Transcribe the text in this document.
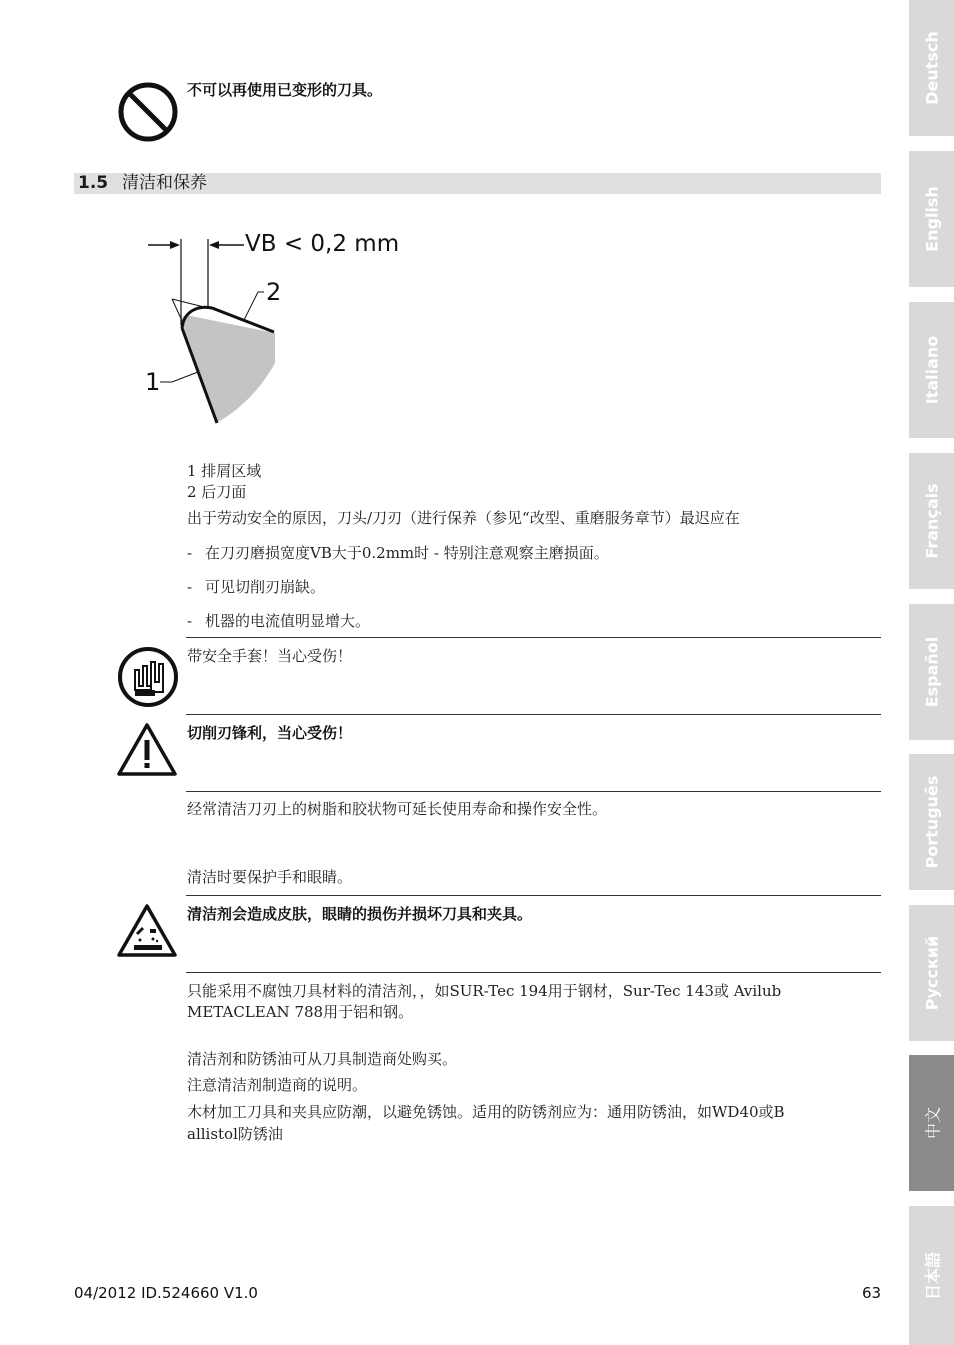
不可以再使用已变形的刀具。
1.5 清洁和保养
VB < 0,2 mm
2
1
1 排屑区域
2 后刀面
出于劳动安全的原因，刀头/刀刃（进行保养（参见“改型、重磨服务章节）最迟应在
- 在刀刃磨损宽度VB大于0.2mm时 - 特别注意观察主磨损面。
- 可见切削刃崩缺。
- 机器的电流值明显增大。
带安全手套！当心受伤！
切削刃锋利，当心受伤！
经常清洁刀刃上的树脂和胶状物可延长使用寿命和操作安全性。
清洁时要保护手和眼睛。
清洁剂会造成皮肤，眼睛的损伤并损坏刀具和夹具。
只能采用不腐蚀刀具材料的清洁剂，，如SUR-Tec 194用于钢材，Sur-Tec 143或 Avilub
METACLEAN 788用于铝和钢。
清洁剂和防锈油可从刀具制造商处购买。
注意清洁剂制造商的说明。
木材加工刀具和夹具应防潮，以避免锈蚀。适用的防锈剂应为：通用防锈油，如WD40或B
allistol防锈油
04/2012 ID.524660 V1.0	63
Deutsch
English
Italiano
Français
Español
Português
Русский
中文
日本語
